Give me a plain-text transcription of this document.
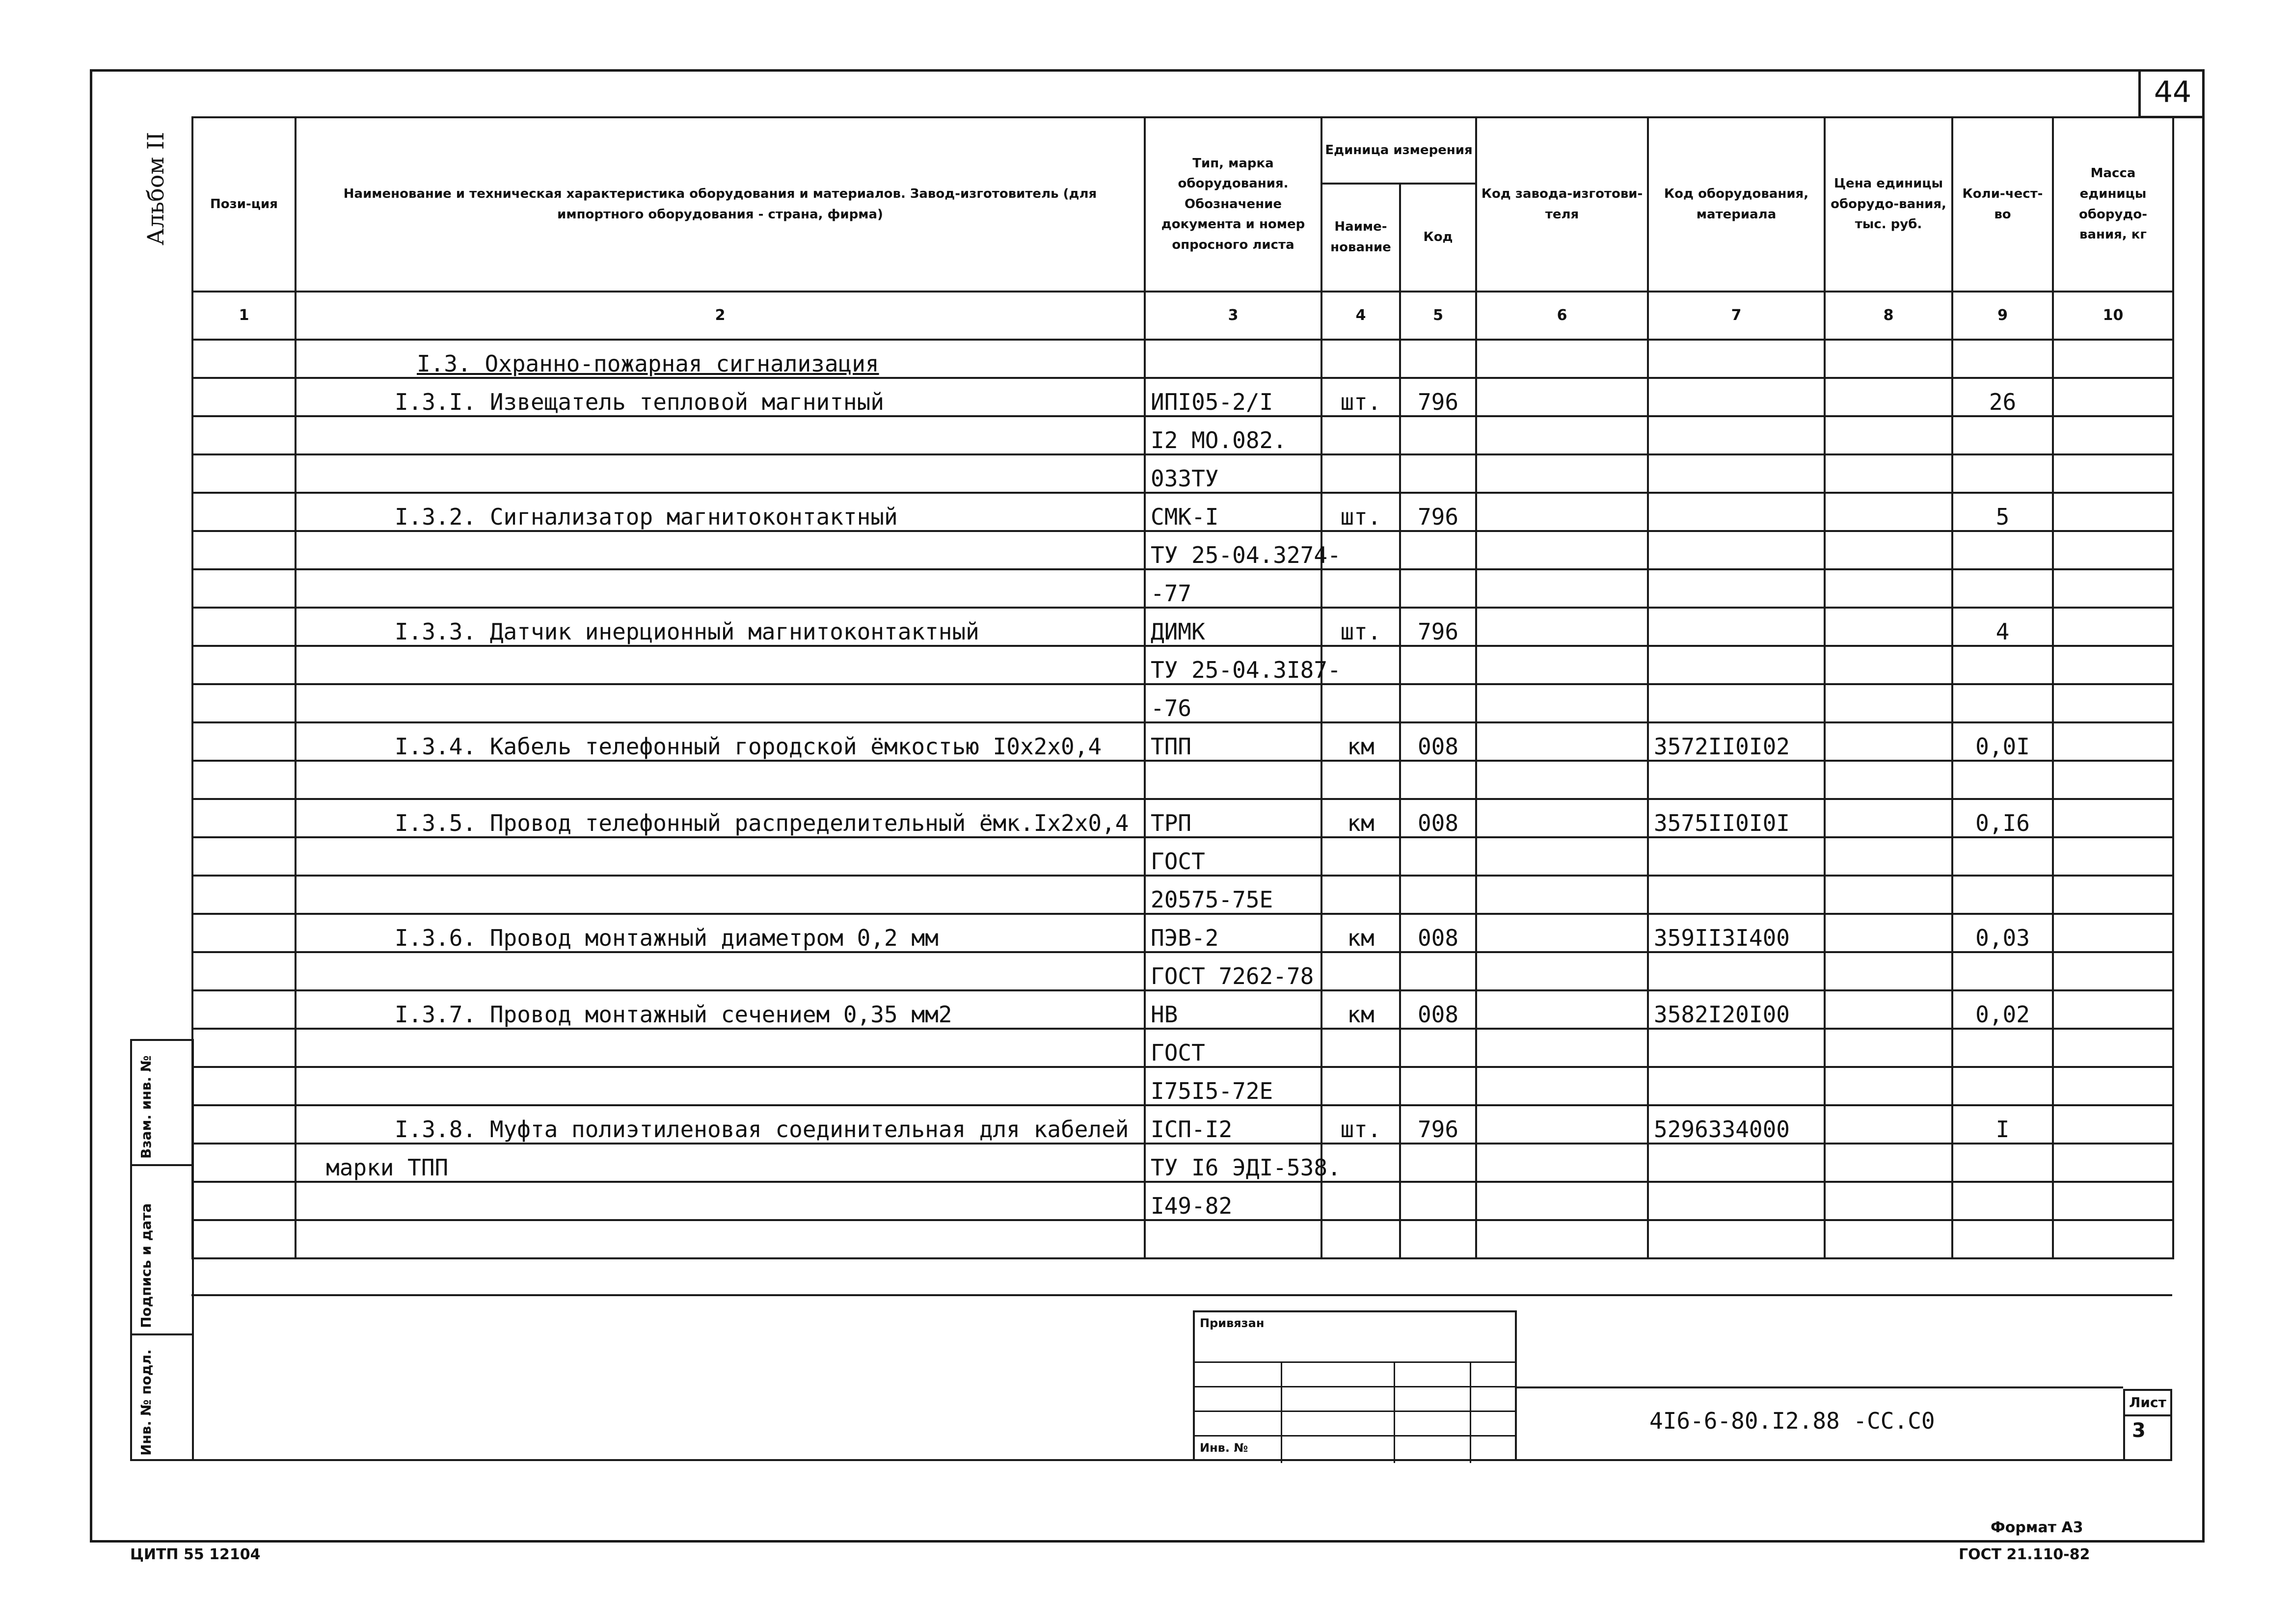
44
Альбом II	Пози-ция	Наименование и техническая характеристика оборудования и материалов. Завод-изготовитель (для импортного оборудования - страна, фирма)	Тип, марка оборудования. Обозначение документа и номер опросного листа	Единица измерения		Код завода-изготови-теля	Код оборудования, материала	Цена единицы оборудо-вания, тыс. руб.	Коли-чест-во	Масса единицы оборудо-вания, кг
			Наиме-нование	Код					
1	2	3	4	5	6	7	8	9	10
	I.3. Охранно-пожарная сигнализация								
	I.3.I. Извещатель тепловой магнитный	ИПI05-2/I	шт.	796				26	
		I2 МО.082.							
		033ТУ							
	I.3.2. Сигнализатор магнитоконтактный	СМК-I	шт.	796				5	
		ТУ 25-04.3274-							
		-77							
	I.3.3. Датчик инерционный магнитоконтактный	ДИМК	шт.	796				4	
		ТУ 25-04.3I87-							
		-76							
	I.3.4. Кабель телефонный городской ёмкостью I0x2x0,4	ТПП	км	008		3572II0I02		0,0I	

	I.3.5. Провод телефонный распределительный ёмк.Iх2х0,4	ТРП	км	008		3575II0I0I		0,I6	
		ГОСТ							
		20575-75Е							
	I.3.6. Провод монтажный диаметром 0,2 мм	ПЭВ-2	км	008		359II3I400		0,03	
		ГОСТ 7262-78							
	I.3.7. Провод монтажный сечением 0,35 мм2	НВ	км	008		3582I20I00		0,02	
		ГОСТ							
		I75I5-72Е							
	I.3.8. Муфта полиэтиленовая соединительная для кабелей	IСП-I2	шт.	796		5296334000		I	
	марки ТПП	ТУ I6 ЭДI-538.							
		I49-82							

Взам. инв. №
Подпись и дата
Инв. № подл.
Привязан
Инв. №
4I6-6-80.I2.88 -СС.С0
Лист
3
ЦИТП 55 12104
Формат А3
ГОСТ 21.110-82
